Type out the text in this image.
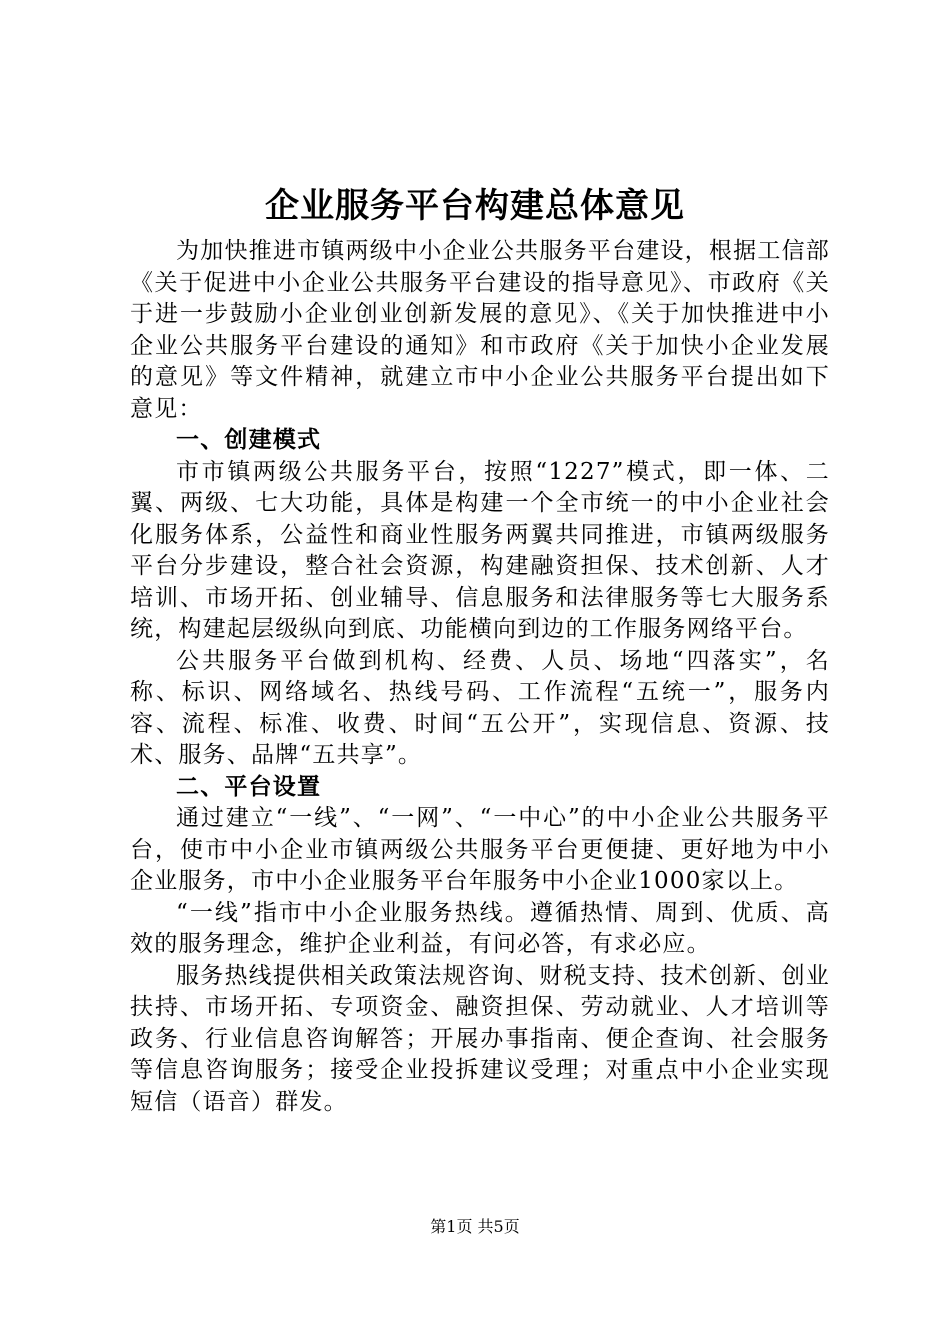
企业服务平台构建总体意见

为加快推进市镇两级中小企业公共服务平台建设，根据工信部《关于促进中小企业公共服务平台建设的指导意见》、市政府《关于进一步鼓励小企业创业创新发展的意见》、《关于加快推进中小企业公共服务平台建设的通知》和市政府《关于加快小企业发展的意见》等文件精神，就建立市中小企业公共服务平台提出如下意见：

一、创建模式

市市镇两级公共服务平台，按照“1227”模式，即一体、二翼、两级、七大功能，具体是构建一个全市统一的中小企业社会化服务体系，公益性和商业性服务两翼共同推进，市镇两级服务平台分步建设，整合社会资源，构建融资担保、技术创新、人才培训、市场开拓、创业辅导、信息服务和法律服务等七大服务系统，构建起层级纵向到底、功能横向到边的工作服务网络平台。

公共服务平台做到机构、经费、人员、场地“四落实”，名称、标识、网络域名、热线号码、工作流程“五统一”，服务内容、流程、标准、收费、时间“五公开”，实现信息、资源、技术、服务、品牌“五共享”。

二、平台设置

通过建立“一线”、“一网”、“一中心”的中小企业公共服务平台，使市中小企业市镇两级公共服务平台更便捷、更好地为中小企业服务，市中小企业服务平台年服务中小企业1000家以上。

“一线”指市中小企业服务热线。遵循热情、周到、优质、高效的服务理念，维护企业利益，有问必答，有求必应。

服务热线提供相关政策法规咨询、财税支持、技术创新、创业扶持、市场开拓、专项资金、融资担保、劳动就业、人才培训等政务、行业信息咨询解答；开展办事指南、便企查询、社会服务等信息咨询服务；接受企业投拆建议受理；对重点中小企业实现短信（语音）群发。

第1页 共5页
